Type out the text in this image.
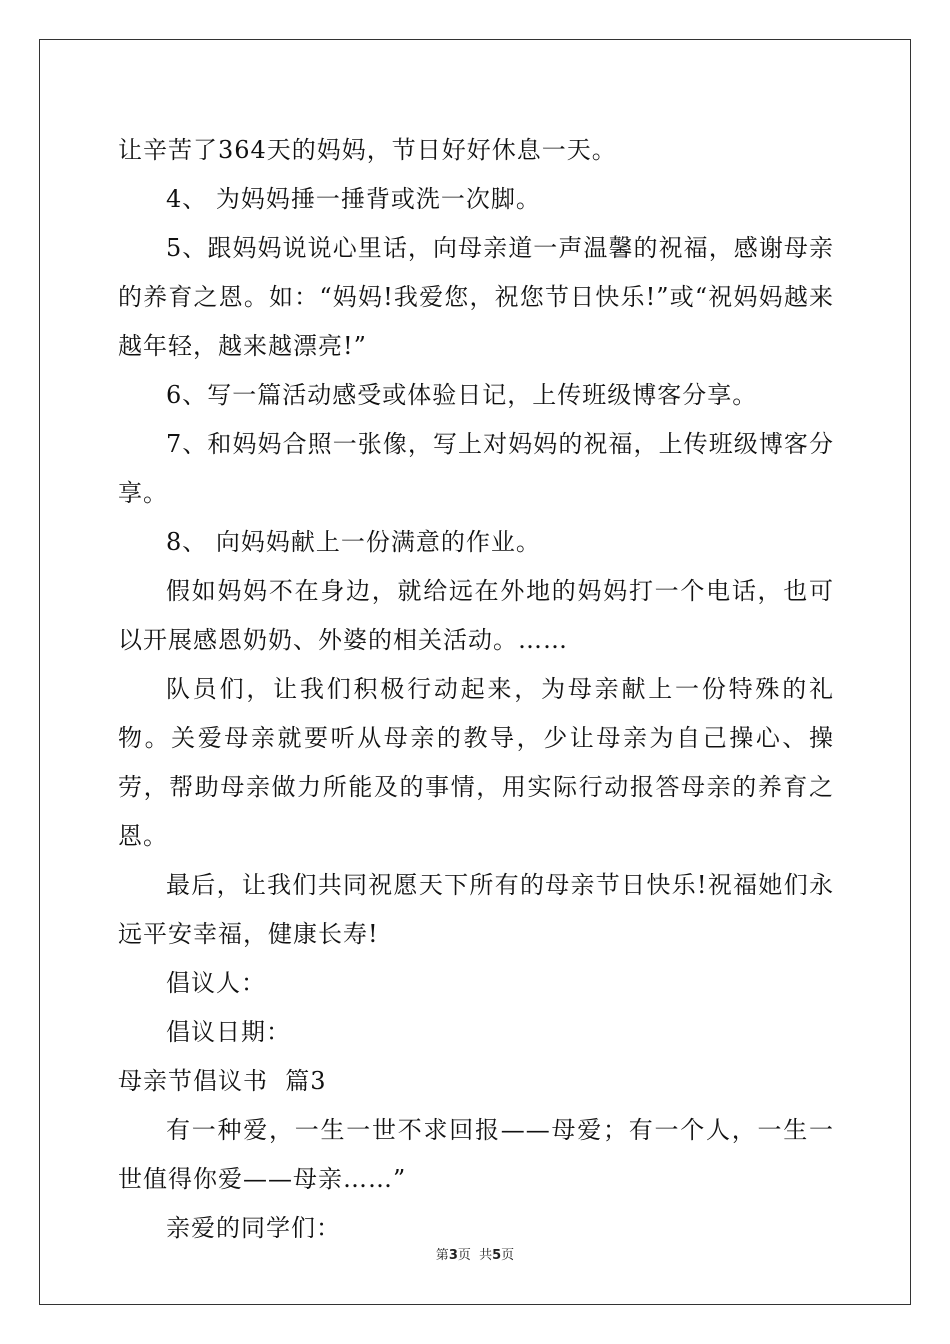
让辛苦了364天的妈妈，节日好好休息一天。
4、 为妈妈捶一捶背或洗一次脚。
5、跟妈妈说说心里话，向母亲道一声温馨的祝福，感谢母亲的养育之恩。如：“妈妈!我爱您，祝您节日快乐!”或“祝妈妈越来越年轻，越来越漂亮!”
6、写一篇活动感受或体验日记，上传班级博客分享。
7、和妈妈合照一张像，写上对妈妈的祝福，上传班级博客分享。
8、 向妈妈献上一份满意的作业。
假如妈妈不在身边，就给远在外地的妈妈打一个电话，也可以开展感恩奶奶、外婆的相关活动。……
队员们，让我们积极行动起来，为母亲献上一份特殊的礼物。关爱母亲就要听从母亲的教导，少让母亲为自己操心、操劳，帮助母亲做力所能及的事情，用实际行动报答母亲的养育之恩。
最后，让我们共同祝愿天下所有的母亲节日快乐!祝福她们永远平安幸福，健康长寿!
倡议人：
倡议日期：
母亲节倡议书  篇3
有一种爱，一生一世不求回报——母爱；有一个人，一生一世值得你爱——母亲……”
亲爱的同学们：
第3页  共5页
